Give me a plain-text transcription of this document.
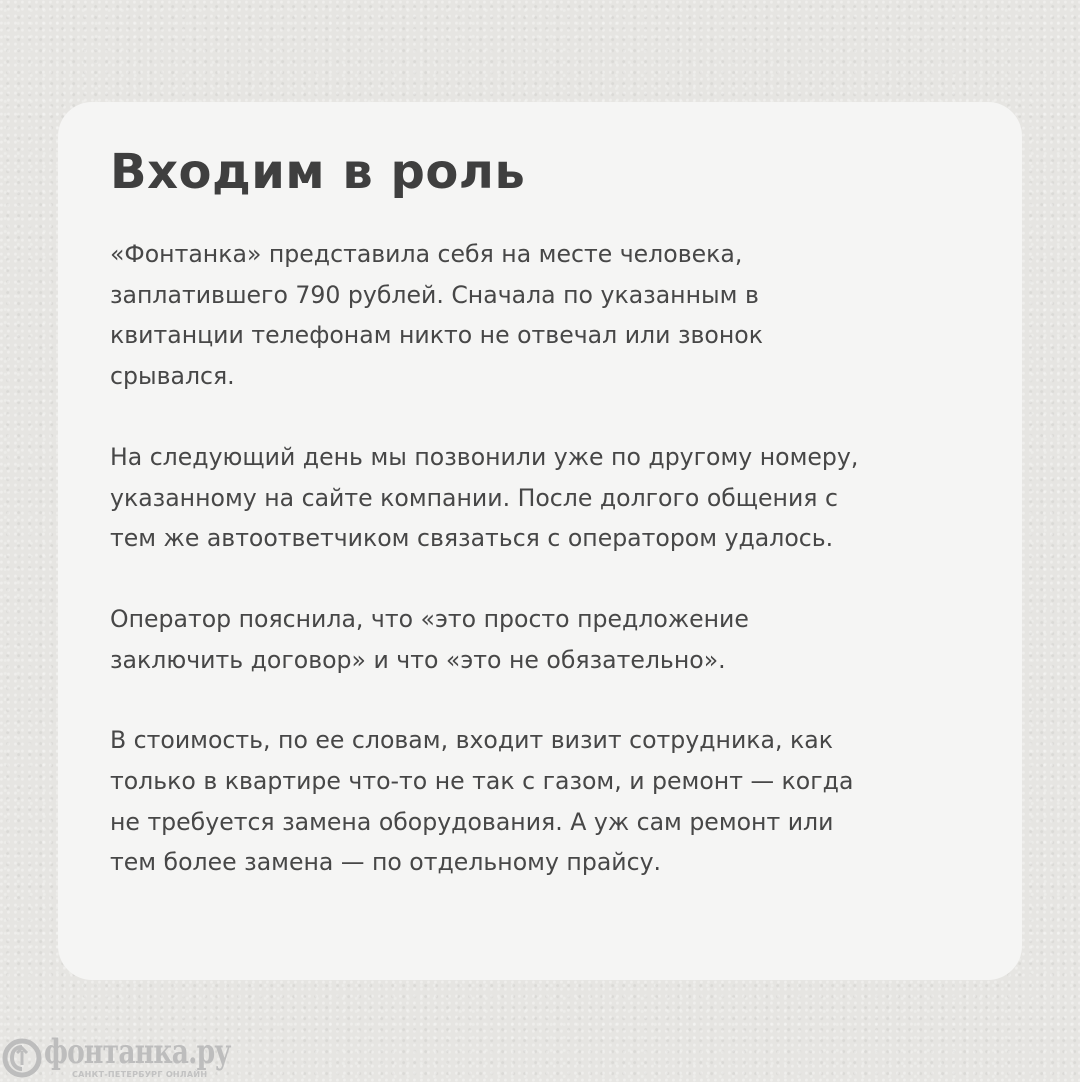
Входим в роль

«Фонтанка» представила себя на месте человека,
заплатившего 790 рублей. Сначала по указанным в
квитанции телефонам никто не отвечал или звонок
срывался.

На следующий день мы позвонили уже по другому номеру,
указанному на сайте компании. После долгого общения с
тем же автоответчиком связаться с оператором удалось.

Оператор пояснила, что «это просто предложение
заключить договор» и что «это не обязательно».

В стоимость, по ее словам, входит визит сотрудника, как
только в квартире что-то не так с газом, и ремонт — когда
не требуется замена оборудования. А уж сам ремонт или
тем более замена — по отдельному прайсу.

фонтанка.ру
САНКТ-ПЕТЕРБУРГ ОНЛАЙН
